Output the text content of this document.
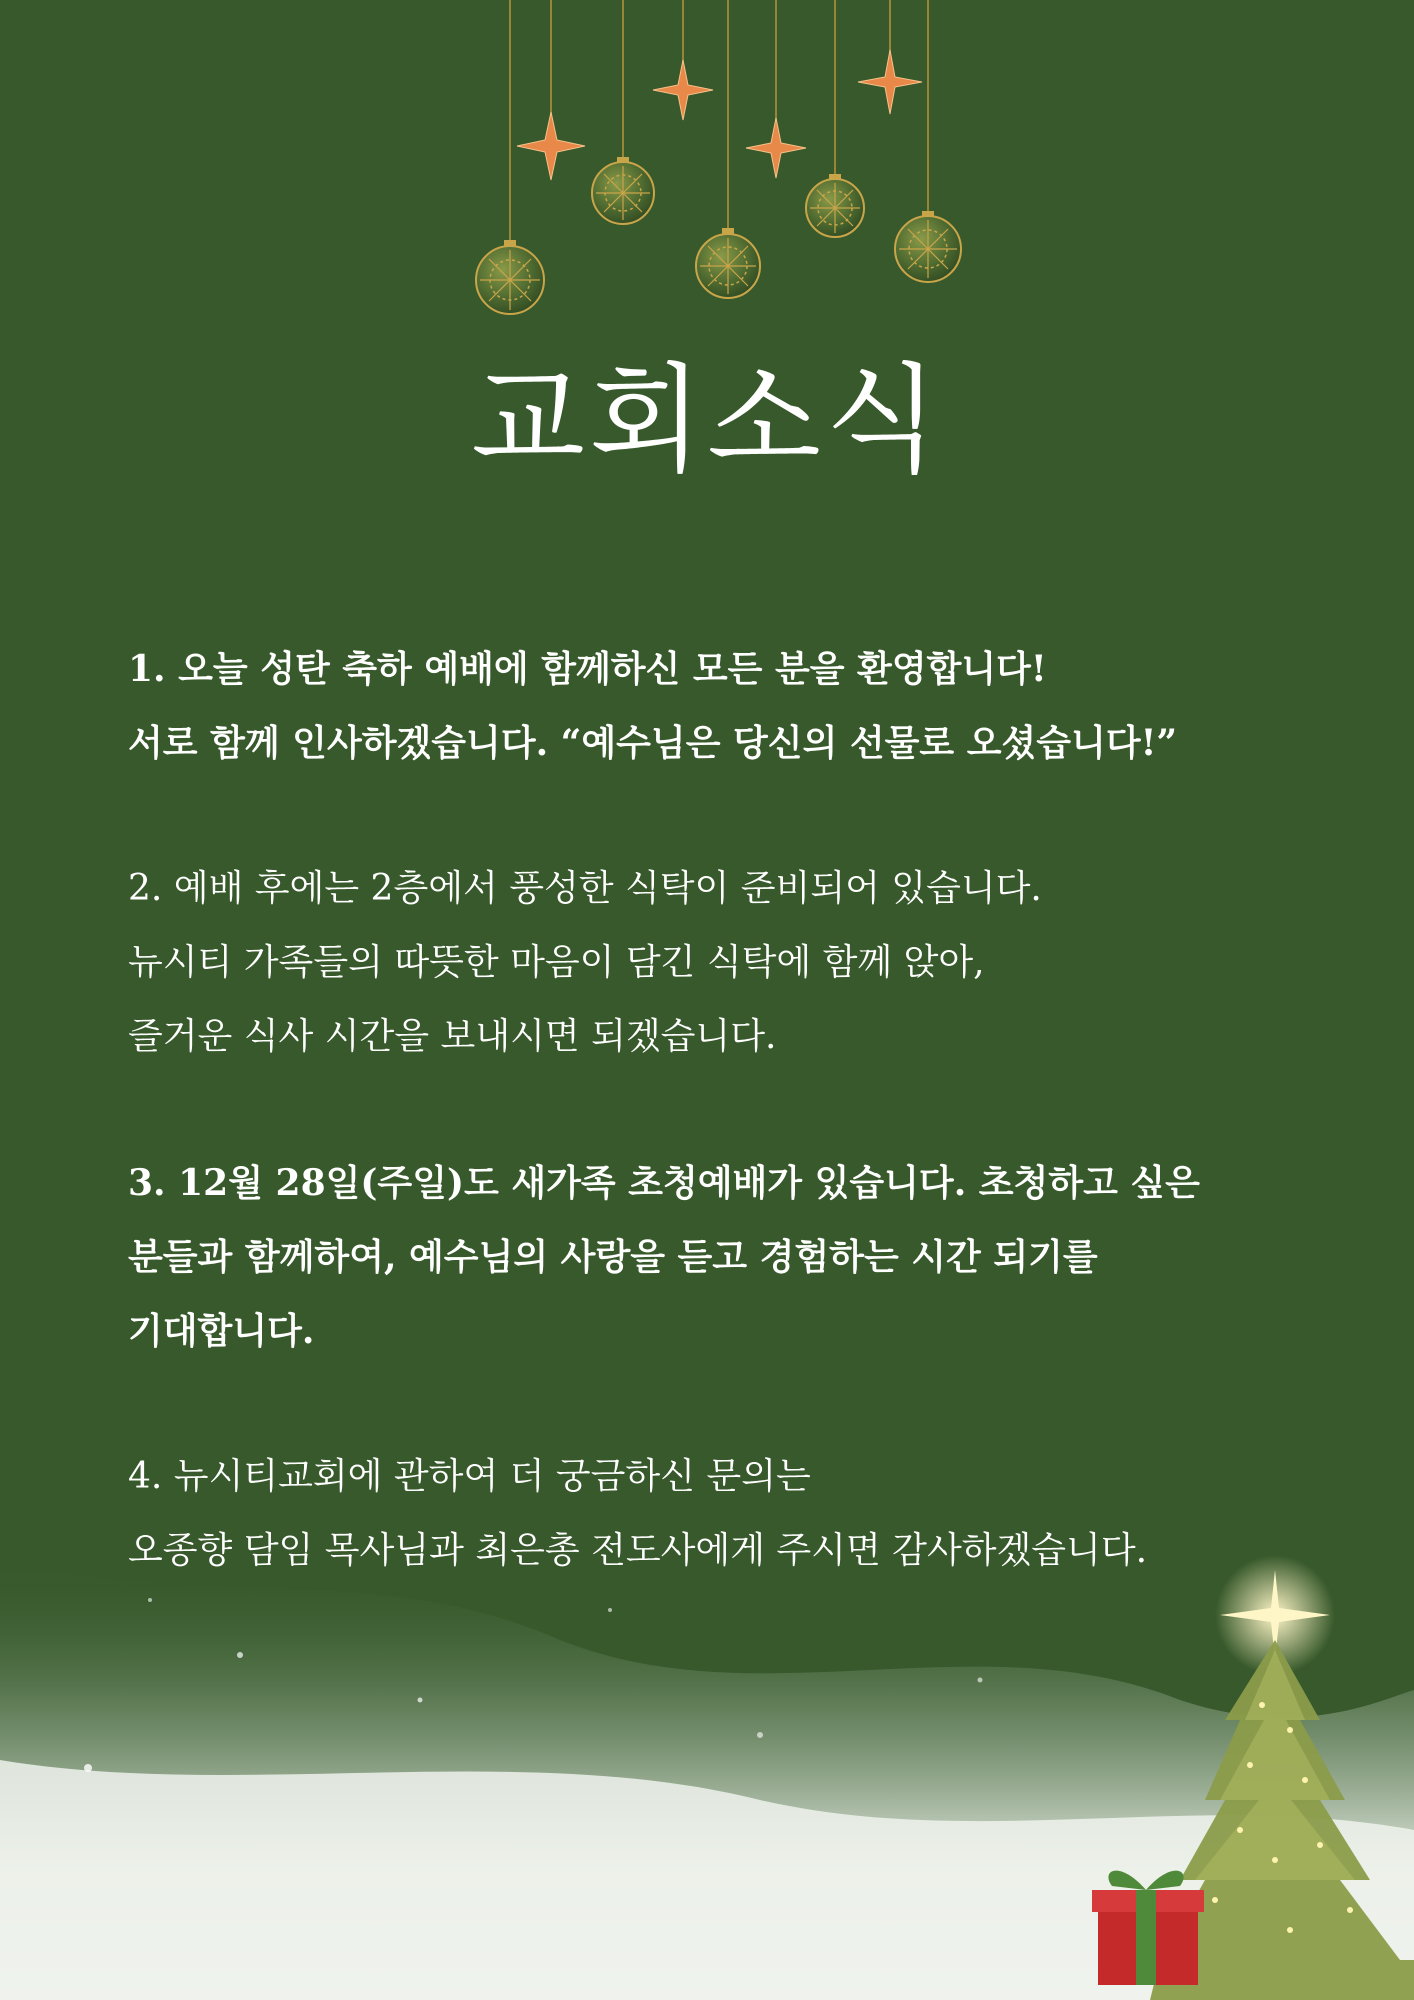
교회소식
1. 오늘 성탄 축하 예배에 함께하신 모든 분을 환영합니다!
서로 함께 인사하겠습니다. “예수님은 당신의 선물로 오셨습니다!”
2. 예배 후에는 2층에서 풍성한 식탁이 준비되어 있습니다.
뉴시티 가족들의 따뜻한 마음이 담긴 식탁에 함께 앉아,
즐거운 식사 시간을 보내시면 되겠습니다.
3. 12월 28일(주일)도 새가족 초청예배가 있습니다. 초청하고 싶은
분들과 함께하여, 예수님의 사랑을 듣고 경험하는 시간 되기를
기대합니다.
4. 뉴시티교회에 관하여 더 궁금하신 문의는
오종향 담임 목사님과 최은총 전도사에게 주시면 감사하겠습니다.
